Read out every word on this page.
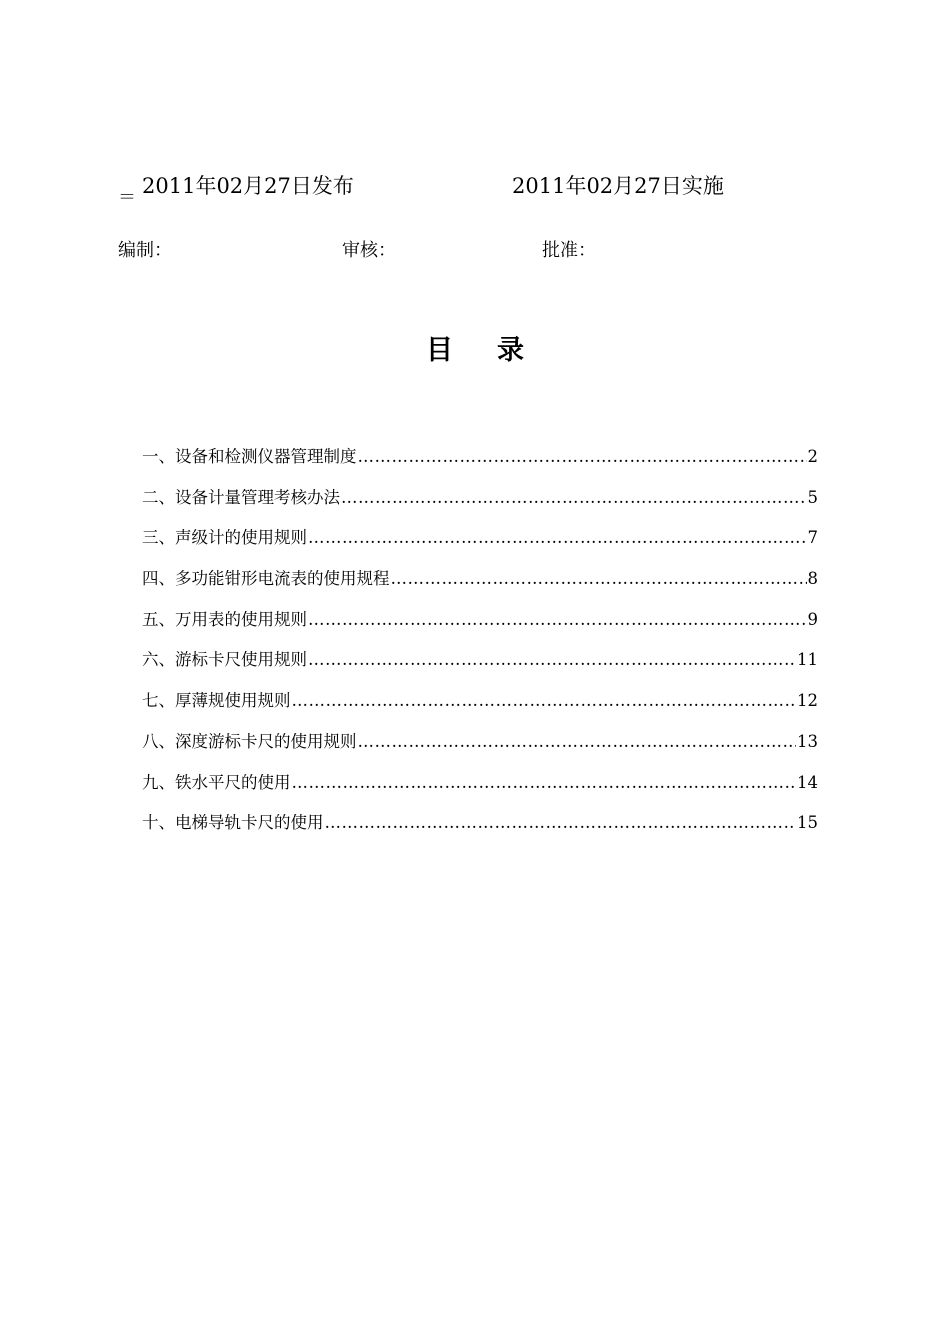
＝ 2011年02月27日发布	2011年02月27日实施
编制：	审核：	批准：
目 录
一、设备和检测仪器管理制度 ……………………………………………………………………………………………………………………………………………………………	2
二、设备计量管理考核办法 ……………………………………………………………………………………………………………………………………………………………	5
三、声级计的使用规则 ……………………………………………………………………………………………………………………………………………………………	7
四、多功能钳形电流表的使用规程 ……………………………………………………………………………………………………………………………………………………………	8
五、万用表的使用规则 ……………………………………………………………………………………………………………………………………………………………	9
六、游标卡尺使用规则 ……………………………………………………………………………………………………………………………………………………………	11
七、厚薄规使用规则 ……………………………………………………………………………………………………………………………………………………………	12
八、深度游标卡尺的使用规则 ……………………………………………………………………………………………………………………………………………………………	13
九、铁水平尺的使用 ……………………………………………………………………………………………………………………………………………………………	14
十、电梯导轨卡尺的使用 ……………………………………………………………………………………………………………………………………………………………	15
